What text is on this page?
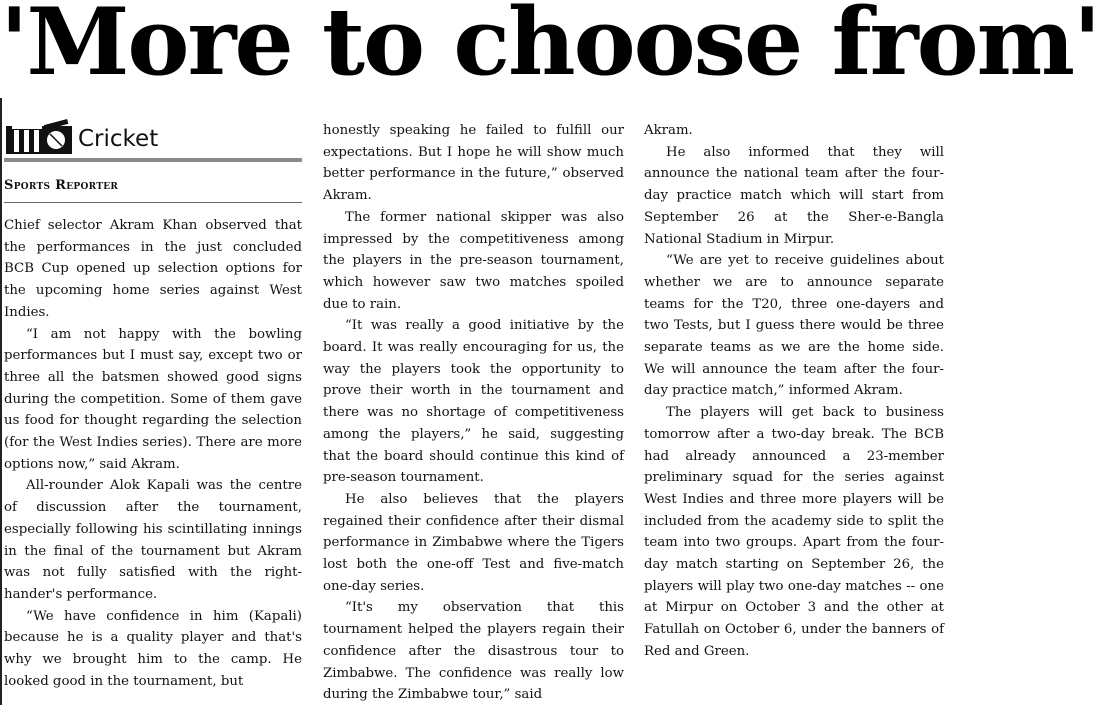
'More to choose from'
Cricket
Sports Reporter

Chief selector Akram Khan observed that the performances in the just concluded BCB Cup opened up selection options for the upcoming home series against West Indies.

“I am not happy with the bowling performances but I must say, except two or three all the batsmen showed good signs during the competition. Some of them gave us food for thought regarding the selection (for the West Indies series). There are more options now,” said Akram.

All-rounder Alok Kapali was the centre of discussion after the tournament, especially following his scintillating innings in the final of the tournament but Akram was not fully satisfied with the right-hander's performance.

“We have confidence in him (Kapali) because he is a quality player and that's why we brought him to the camp. He looked good in the tournament, but

honestly speaking he failed to fulfill our expectations. But I hope he will show much better performance in the future,” observed Akram.

The former national skipper was also impressed by the competitiveness among the players in the pre-season tournament, which however saw two matches spoiled due to rain.

“It was really a good initiative by the board. It was really encouraging for us, the way the players took the opportunity to prove their worth in the tournament and there was no shortage of competitiveness among the players,” he said, suggesting that the board should continue this kind of pre-season tournament.

He also believes that the players regained their confidence after their dismal performance in Zimbabwe where the Tigers lost both the one-off Test and five-match one-day series.

“It's my observation that this tournament helped the players regain their confidence after the disastrous tour to Zimbabwe. The confidence was really low during the Zimbabwe tour,” said

Akram.

He also informed that they will announce the national team after the four-day practice match which will start from September 26 at the Sher-e-Bangla National Stadium in Mirpur.

“We are yet to receive guidelines about whether we are to announce separate teams for the T20, three one-dayers and two Tests, but I guess there would be three separate teams as we are the home side. We will announce the team after the four-day practice match,” informed Akram.

The players will get back to business tomorrow after a two-day break. The BCB had already announced a 23-member preliminary squad for the series against West Indies and three more players will be included from the academy side to split the team into two groups. Apart from the four-day match starting on September 26, the players will play two one-day matches -- one at Mirpur on October 3 and the other at Fatullah on October 6, under the banners of Red and Green.
